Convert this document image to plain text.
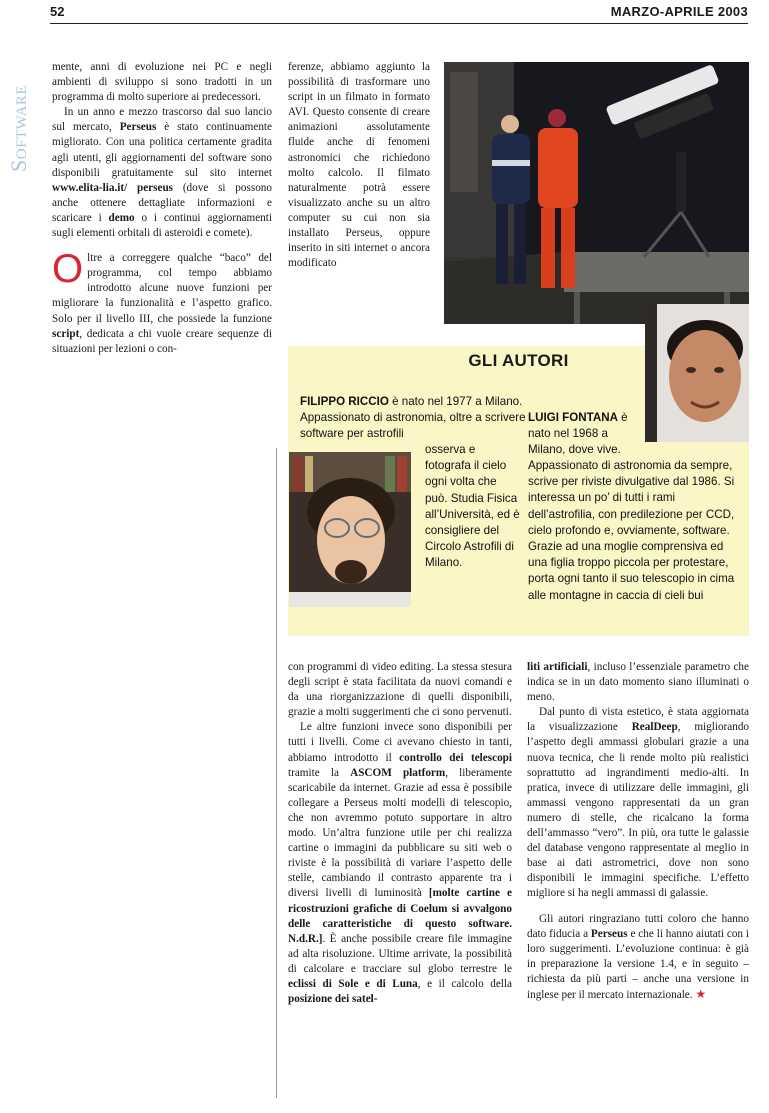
52	MARZO-APRILE 2003
Software

mente, anni di evoluzione nei PC e negli ambienti di sviluppo si sono tradotti in un programma di molto superiore ai predecessori.

In un anno e mezzo trascorso dal suo lancio sul mercato, Perseus è stato continuamente migliorato. Con una politica certamente gradita agli utenti, gli aggiornamenti del software sono disponibili gratuitamente sul sito internet www.elita-lia.it/ perseus (dove si possono anche ottenere dettagliate informazioni e scaricare i demo o i continui aggiornamenti sugli elementi orbitali di asteroidi e comete).

Oltre a correggere qualche “baco” del programma, col tempo abbiamo introdotto alcune nuove funzioni per migliorare la funzionalità e l’aspetto grafico. Solo per il livello III, che possiede la funzione script, dedicata a chi vuole creare sequenze di situazioni per lezioni o con-

ferenze, abbiamo aggiunto la possibilità di trasformare uno script in un filmato in formato AVI. Questo consente di creare animazioni assolutamente fluide anche di fenomeni astronomici che richiedono molto calcolo. Il filmato naturalmente potrà essere visualizzato anche su un altro computer su cui non sia installato Perseus, oppure inserito in siti internet o ancora modificato

GLI AUTORI
FILIPPO RICCIO è nato nel 1977 a Milano. Appassionato di astronomia, oltre a scrivere software per astrofili
osserva e fotografa il cielo ogni volta che può. Studia Fisica all’Università, ed è consigliere del Circolo Astrofili di Milano.
LUIGI FONTANA è nato nel 1968 a Milano, dove vive.
Appassionato di astronomia da sempre, scrive per riviste divulgative dal 1986. Si interessa un po’ di tutti i rami dell’astrofilia, con predilezione per CCD, cielo profondo e, ovviamente, software. Grazie ad una moglie comprensiva ed una figlia troppo piccola per protestare, porta ogni tanto il suo telescopio in cima alle montagne in caccia di cieli bui

con programmi di video editing. La stessa stesura degli script è stata facilitata da nuovi comandi e da una riorganizzazione di quelli disponibili, grazie a molti suggerimenti che ci sono pervenuti.

Le altre funzioni invece sono disponibili per tutti i livelli. Come ci avevano chiesto in tanti, abbiamo introdotto il controllo dei telescopi tramite la ASCOM platform, liberamente scaricabile da internet. Grazie ad essa è possibile collegare a Perseus molti modelli di telescopio, che non avremmo potuto supportare in altro modo. Un’altra funzione utile per chi realizza cartine o immagini da pubblicare su siti web o riviste è la possibilità di variare l’aspetto delle stelle, cambiando il contrasto apparente tra i diversi livelli di luminosità [molte cartine e ricostruzioni grafiche di Coelum si avvalgono delle caratteristiche di questo software. N.d.R.]. È anche possibile creare file immagine ad alta risoluzione. Ultime arrivate, la possibilità di calcolare e tracciare sul globo terrestre le eclissi di Sole e di Luna, e il calcolo della posizione dei satel-

liti artificiali, incluso l’essenziale parametro che indica se in un dato momento siano illuminati o meno.

Dal punto di vista estetico, è stata aggiornata la visualizzazione RealDeep, migliorando l’aspetto degli ammassi globulari grazie a una nuova tecnica, che li rende molto più realistici soprattutto ad ingrandimenti medio-alti. In pratica, invece di utilizzare delle immagini, gli ammassi vengono rappresentati da un gran numero di stelle, che ricalcano la forma dell’ammasso “vero”. In più, ora tutte le galassie del database vengono rappresentate al meglio in base ai dati astrometrici, dove non sono disponibili le immagini specifiche. L’effetto migliore si ha negli ammassi di galassie.

Gli autori ringraziano tutti coloro che hanno dato fiducia a Perseus e che li hanno aiutati con i loro suggerimenti. L’evoluzione continua: è già in preparazione la versione 1.4, e in seguito – richiesta da più parti – anche una versione in inglese per il mercato internazionale. ★
